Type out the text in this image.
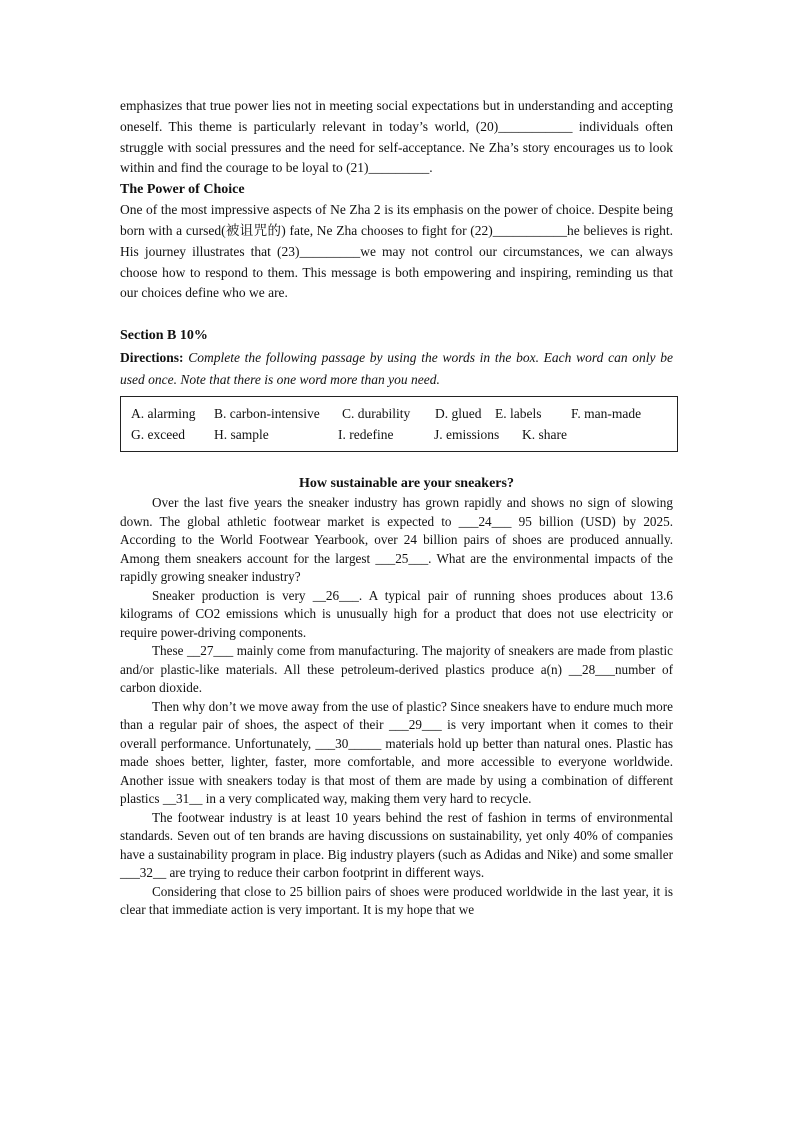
emphasizes that true power lies not in meeting social expectations but in understanding and accepting oneself. This theme is particularly relevant in today’s world, (20)___________ individuals often struggle with social pressures and the need for self-acceptance. Ne Zha’s story encourages us to look within and find the courage to be loyal to (21)_________.

The Power of Choice

One of the most impressive aspects of Ne Zha 2 is its emphasis on the power of choice. Despite being born with a cursed(被诅咒的) fate, Ne Zha chooses to fight for (22)___________he believes is right. His journey illustrates that (23)_________we may not control our circumstances, we can always choose how to respond to them. This message is both empowering and inspiring, reminding us that our choices define who we are.

Section B 10%

Directions: Complete the following passage by using the words in the box. Each word can only be used once. Note that there is one word more than you need.

A. alarming	B. carbon-intensive	C. durability	D. glued	E. labels	F. man-made
G. exceed	H. sample	I. redefine	J. emissions	K. share

How sustainable are your sneakers?

Over the last five years the sneaker industry has grown rapidly and shows no sign of slowing down. The global athletic footwear market is expected to ___24___ 95 billion (USD) by 2025. According to the World Footwear Yearbook, over 24 billion pairs of shoes are produced annually. Among them sneakers account for the largest ___25___. What are the environmental impacts of the rapidly growing sneaker industry?

Sneaker production is very __26___. A typical pair of running shoes produces about 13.6 kilograms of CO2 emissions which is unusually high for a product that does not use electricity or require power-driving components.

These __27___ mainly come from manufacturing. The majority of sneakers are made from plastic and/or plastic-like materials. All these petroleum-derived plastics produce a(n) __28___number of carbon dioxide.

Then why don’t we move away from the use of plastic? Since sneakers have to endure much more than a regular pair of shoes, the aspect of their ___29___ is very important when it comes to their overall performance. Unfortunately, ___30_____ materials hold up better than natural ones. Plastic has made shoes better, lighter, faster, more comfortable, and more accessible to everyone worldwide. Another issue with sneakers today is that most of them are made by using a combination of different plastics __31__ in a very complicated way, making them very hard to recycle.

The footwear industry is at least 10 years behind the rest of fashion in terms of environmental standards. Seven out of ten brands are having discussions on sustainability, yet only 40% of companies have a sustainability program in place. Big industry players (such as Adidas and Nike) and some smaller ___32__ are trying to reduce their carbon footprint in different ways.

Considering that close to 25 billion pairs of shoes were produced worldwide in the last year, it is clear that immediate action is very important. It is my hope that we
